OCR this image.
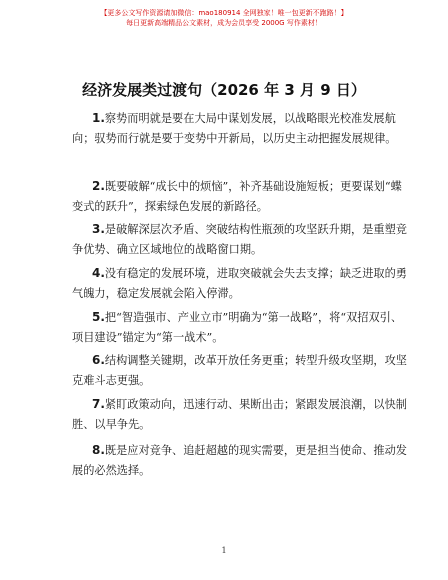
【更多公文写作资源请加微信：mao180914 全网独家！唯一包更新不跑路！】
每日更新高端精品公文素材，成为会员享受 2000G 写作素材！
经济发展类过渡句（2026 年 3 月 9 日）

1.察势而明就是要在大局中谋划发展，以战略眼光校准发展航向；驭势而行就是要于变势中开新局，以历史主动把握发展规律。

2.既要破解“成长中的烦恼”，补齐基础设施短板；更要谋划“蝶变式的跃升”，探索绿色发展的新路径。

3.是破解深层次矛盾、突破结构性瓶颈的攻坚跃升期，是重塑竞争优势、确立区域地位的战略窗口期。

4.没有稳定的发展环境，进取突破就会失去支撑；缺乏进取的勇气魄力，稳定发展就会陷入停滞。

5.把“智造强市、产业立市”明确为“第一战略”，将“双招双引、项目建设”锚定为“第一战术”。

6.结构调整关键期，改革开放任务更重；转型升级攻坚期，攻坚克难斗志更强。

7.紧盯政策动向，迅速行动、果断出击；紧跟发展浪潮，以快制胜、以早争先。

8.既是应对竞争、追赶超越的现实需要，更是担当使命、推动发展的必然选择。

1
